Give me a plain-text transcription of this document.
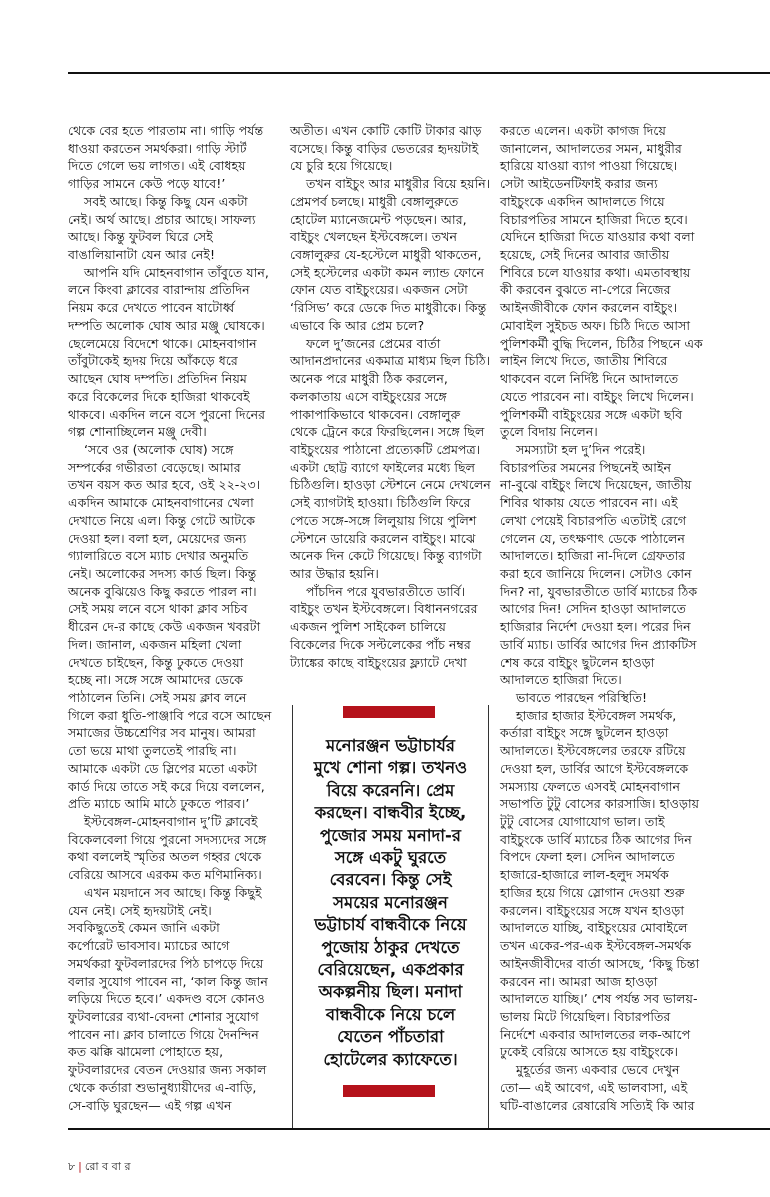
থেকে বের হতে পারতাম না। গাড়ি পর্যন্ত
ধাওয়া করতেন সমর্থকরা। গাড়ি স্টার্ট
দিতে গেলে ভয় লাগত। এই বোধহয়
গাড়ির সামনে কেউ পড়ে যাবে!’
সবই আছে। কিন্তু কিছু যেন একটা
নেই। অর্থ আছে। প্রচার আছে। সাফল্য
আছে। কিন্তু ফুটবল ঘিরে সেই
বাঙালিয়ানাটা যেন আর নেই!
আপনি যদি মোহনবাগান তাঁবুতে যান,
লনে কিংবা ক্লাবের বারান্দায় প্রতিদিন
নিয়ম করে দেখতে পাবেন ষাটোর্ধ্ব
দম্পতি অলোক ঘোষ আর মঞ্জু ঘোষকে।
ছেলেমেয়ে বিদেশে থাকে। মোহনবাগান
তাঁবুটাকেই হৃদয় দিয়ে আঁকড়ে ধরে
আছেন ঘোষ দম্পতি। প্রতিদিন নিয়ম
করে বিকেলের দিকে হাজিরা থাকবেই
থাকবে। একদিন লনে বসে পুরনো দিনের
গল্প শোনাচ্ছিলেন মঞ্জু দেবী।
‘সবে ওর (অলোক ঘোষ) সঙ্গে
সম্পর্কের গভীরতা বেড়েছে। আমার
তখন বয়স কত আর হবে, ওই ২২-২৩।
একদিন আমাকে মোহনবাগানের খেলা
দেখাতে নিয়ে এল। কিন্তু গেটে আটকে
দেওয়া হল। বলা হল, মেয়েদের জন্য
গ্যালারিতে বসে ম্যাচ দেখার অনুমতি
নেই। অলোকের সদস্য কার্ড ছিল। কিন্তু
অনেক বুঝিয়েও কিছু করতে পারল না।
সেই সময় লনে বসে থাকা ক্লাব সচিব
ধীরেন দে-র কাছে কেউ একজন খবরটা
দিল। জানাল, একজন মহিলা খেলা
দেখতে চাইছেন, কিন্তু ঢুকতে দেওয়া
হচ্ছে না। সঙ্গে সঙ্গে আমাদের ডেকে
পাঠালেন তিনি। সেই সময় ক্লাব লনে
গিলে করা ধুতি-পাঞ্জাবি পরে বসে আছেন
সমাজের উচ্চশ্রেণির সব মানুষ। আমরা
তো ভয়ে মাথা তুলতেই পারছি না।
আমাকে একটা ডে স্লিপের মতো একটা
কার্ড দিয়ে তাতে সই করে দিয়ে বললেন,
প্রতি ম্যাচে আমি মাঠে ঢুকতে পারব।’
ইস্টবেঙ্গল-মোহনবাগান দু’টি ক্লাবেই
বিকেলবেলা গিয়ে পুরনো সদস্যদের সঙ্গে
কথা বললেই স্মৃতির অতল গহ্বর থেকে
বেরিয়ে আসবে এরকম কত মণিমানিক্য।
এখন ময়দানে সব আছে। কিন্তু কিছুই
যেন নেই। সেই হৃদয়টাই নেই।
সবকিছুতেই কেমন জানি একটা
কর্পোরেট ভাবসাব। ম্যাচের আগে
সমর্থকরা ফুটবলারদের পিঠ চাপড়ে দিয়ে
বলার সুযোগ পাবেন না, ‘কাল কিন্তু জান
লড়িয়ে দিতে হবে।’ একদণ্ড বসে কোনও
ফুটবলারের ব্যথা-বেদনা শোনার সুযোগ
পাবেন না। ক্লাব চালাতে গিয়ে দৈনন্দিন
কত ঝক্কি ঝামেলা পোহাতে হয়,
ফুটবলারদের বেতন দেওয়ার জন্য সকাল
থেকে কর্তারা শুভানুধ্যায়ীদের এ-বাড়ি,
সে-বাড়ি ঘুরছেন— এই গল্প এখন
অতীত। এখন কোটি কোটি টাকার ঝাড়
বসেছে। কিন্তু বাড়ির ভেতরের হৃদয়টাই
যে চুরি হয়ে গিয়েছে।
তখন বাইচুং আর মাধুরীর বিয়ে হয়নি।
প্রেমপর্ব চলছে। মাধুরী বেঙ্গালুরুতে
হোটেল ম্যানেজমেন্ট পড়ছেন। আর,
বাইচুং খেলছেন ইস্টবেঙ্গলে। তখন
বেঙ্গালুরুর যে-হস্টেলে মাধুরী থাকতেন,
সেই হস্টেলের একটা কমন ল্যান্ড ফোনে
ফোন যেত বাইচুংয়ের। একজন সেটা
‘রিসিভ’ করে ডেকে দিত মাধুরীকে। কিন্তু
এভাবে কি আর প্রেম চলে?
ফলে দু’জনের প্রেমের বার্তা
আদানপ্রদানের একমাত্র মাধ্যম ছিল চিঠি।
অনেক পরে মাধুরী ঠিক করলেন,
কলকাতায় এসে বাইচুংয়ের সঙ্গে
পাকাপাকিভাবে থাকবেন। বেঙ্গালুরু
থেকে ট্রেনে করে ফিরছিলেন। সঙ্গে ছিল
বাইচুংয়ের পাঠানো প্রত্যেকটি প্রেমপত্র।
একটা ছোট্ট ব্যাগে ফাইলের মধ্যে ছিল
চিঠিগুলি। হাওড়া স্টেশনে নেমে দেখলেন
সেই ব্যাগটাই হাওয়া। চিঠিগুলি ফিরে
পেতে সঙ্গে-সঙ্গে লিলুয়ায় গিয়ে পুলিশ
স্টেশনে ডায়েরি করলেন বাইচুং। মাঝে
অনেক দিন কেটে গিয়েছে। কিন্তু ব্যাগটা
আর উদ্ধার হয়নি।
পাঁচদিন পরে যুবভারতীতে ডার্বি।
বাইচুং তখন ইস্টবেঙ্গলে। বিধাননগরের
একজন পুলিশ সাইকেল চালিয়ে
বিকেলের দিকে সল্টলেকের পাঁচ নম্বর
ট্যাঙ্কের কাছে বাইচুংয়ের ফ্ল্যাটে দেখা
করতে এলেন। একটা কাগজ দিয়ে
জানালেন, আদালতের সমন, মাধুরীর
হারিয়ে যাওয়া ব্যাগ পাওয়া গিয়েছে।
সেটা আইডেনটিফাই করার জন্য
বাইচুংকে একদিন আদালতে গিয়ে
বিচারপতির সামনে হাজিরা দিতে হবে।
যেদিনে হাজিরা দিতে যাওয়ার কথা বলা
হয়েছে, সেই দিনের আবার জাতীয়
শিবিরে চলে যাওয়ার কথা। এমতাবস্থায়
কী করবেন বুঝতে না-পেরে নিজের
আইনজীবীকে ফোন করলেন বাইচুং।
মোবাইল সুইচড অফ। চিঠি দিতে আসা
পুলিশকর্মী বুদ্ধি দিলেন, চিঠির পিছনে এক
লাইন লিখে দিতে, জাতীয় শিবিরে
থাকবেন বলে নির্দিষ্ট দিনে আদালতে
যেতে পারবেন না। বাইচুং লিখে দিলেন।
পুলিশকর্মী বাইচুংয়ের সঙ্গে একটা ছবি
তুলে বিদায় নিলেন।
সমস্যাটা হল দু’দিন পরেই।
বিচারপতির সমনের পিছনেই আইন
না-বুঝে বাইচুং লিখে দিয়েছেন, জাতীয়
শিবির থাকায় যেতে পারবেন না। এই
লেখা পেয়েই বিচারপতি এতটাই রেগে
গেলেন যে, তৎক্ষণাৎ ডেকে পাঠালেন
আদালতে। হাজিরা না-দিলে গ্রেফতার
করা হবে জানিয়ে দিলেন। সেটাও কোন
দিন? না, যুবভারতীতে ডার্বি ম্যাচের ঠিক
আগের দিন! সেদিন হাওড়া আদালতে
হাজিরার নির্দেশ দেওয়া হল। পরের দিন
ডার্বি ম্যাচ। ডার্বির আগের দিন প্র্যাকটিস
শেষ করে বাইচুং ছুটলেন হাওড়া
আদালতে হাজিরা দিতে।
ভাবতে পারছেন পরিস্থিতি!
হাজার হাজার ইস্টবেঙ্গল সমর্থক,
কর্তারা বাইচুং সঙ্গে ছুটলেন হাওড়া
আদালতে। ইস্টবেঙ্গলের তরফে রটিয়ে
দেওয়া হল, ডার্বির আগে ইস্টবেঙ্গলকে
সমস্যায় ফেলতে এসবই মোহনবাগান
সভাপতি টুটু বোসের কারসাজি। হাওড়ায়
টুটু বোসের যোগাযোগ ভাল। তাই
বাইচুংকে ডার্বি ম্যাচের ঠিক আগের দিন
বিপদে ফেলা হল। সেদিন আদালতে
হাজারে-হাজারে লাল-হলুদ সমর্থক
হাজির হয়ে গিয়ে স্লোগান দেওয়া শুরু
করলেন। বাইচুংয়ের সঙ্গে যখন হাওড়া
আদালতে যাচ্ছি, বাইচুংয়ের মোবাইলে
তখন একের-পর-এক ইস্টবেঙ্গল-সমর্থক
আইনজীবীদের বার্তা আসছে, ‘কিছু চিন্তা
করবেন না। আমরা আজ হাওড়া
আদালতে যাচ্ছি।’ শেষ পর্যন্ত সব ভালয়-
ভালয় মিটে গিয়েছিল। বিচারপতির
নির্দেশে একবার আদালতের লক-আপে
ঢুকেই বেরিয়ে আসতে হয় বাইচুংকে।
মুহূর্তের জন্য একবার ভেবে দেখুন
তো— এই আবেগ, এই ভালবাসা, এই
ঘটি-বাঙালের রেষারেষি সত্যিই কি আর
মনোরঞ্জন ভট্টাচার্যর
মুখে শোনা গল্প। তখনও
বিয়ে করেননি। প্রেম
করছেন। বান্ধবীর ইচ্ছে,
পুজোর সময় মনাদা-র
সঙ্গে একটু ঘুরতে
বেরবেন। কিন্তু সেই
সময়ের মনোরঞ্জন
ভট্টাচার্য বান্ধবীকে নিয়ে
পুজোয় ঠাকুর দেখতে
বেরিয়েছেন, একপ্রকার
অকল্পনীয় ছিল। মনাদা
বান্ধবীকে নিয়ে চলে
যেতেন পাঁচতারা
হোটেলের ক্যাফেতে।
৮ | রো ব বা র
